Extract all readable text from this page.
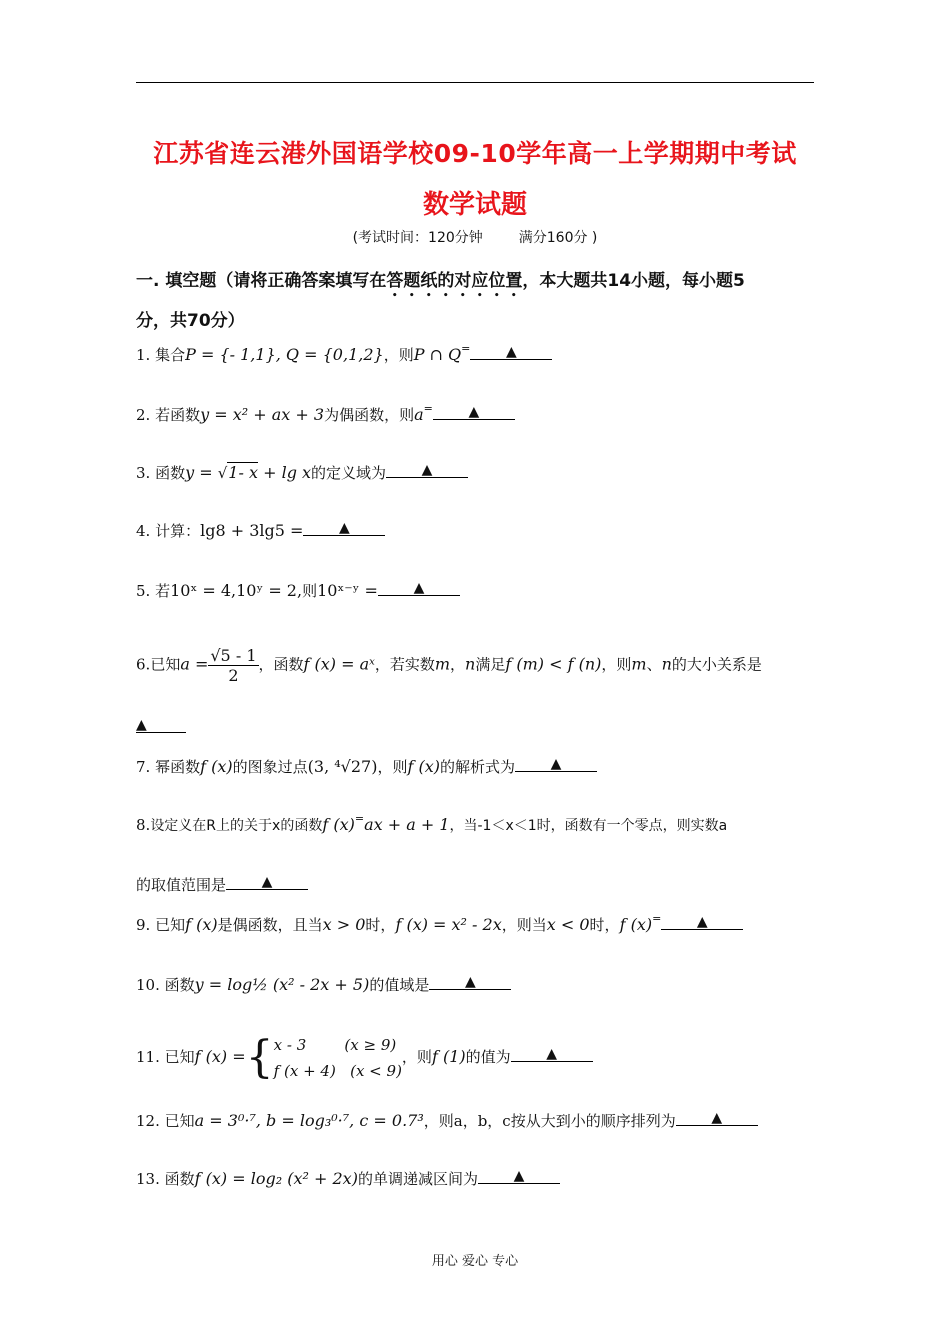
江苏省连云港外国语学校09-10学年高一上学期期中考试
数学试题
(考试时间：120分钟	满分160分 )
一. 填空题（请将正确答案填写在答题纸的对应位置，本大题共14小题，每小题5
分，共70分）
1. 集合P = {- 1,1}, Q = {0,1,2}，则P ∩ Q=	▲
2. 若函数y = x² + ax + 3为偶函数，则a=	▲
3. 函数y = √1- x + lg x的定义域为	▲
4. 计算：lg8 + 3lg5 =	▲
5. 若10ˣ = 4,10ʸ = 2,则10ˣ⁻ʸ =	▲
6.已知$a = \frac{√5 - 1}{2}$ ，函数f (x) = aˣ，若实数m，n满足f (m) < f (n)，则m、n的大小关系是
▲
7. 幂函数f (x)的图象过点(3, ⁴√27)，则f (x)的解析式为	▲
8.设定义在R上的关于x的函数f (x)=ax + a + 1，当-1＜x＜1时，函数有一个零点，则实数a
的取值范围是	▲
9. 已知f (x)是偶函数，且当x > 0时，f (x) = x² - 2x，则当x < 0时，f (x)=	▲
10. 函数y = log½ (x² - 2x + 5)的值域是	▲
11. 已知f (x) ={ x - 3        (x ≥ 9)
f (x + 4)   (x < 9)
，则f (1)的值为	▲
12. 已知a = 3⁰·⁷, b = log₃⁰·⁷, c = 0.7³，则a，b，c按从大到小的顺序排列为	▲
13. 函数f (x) = log₂ (x² + 2x)的单调递减区间为	▲
用心 爱心 专心
